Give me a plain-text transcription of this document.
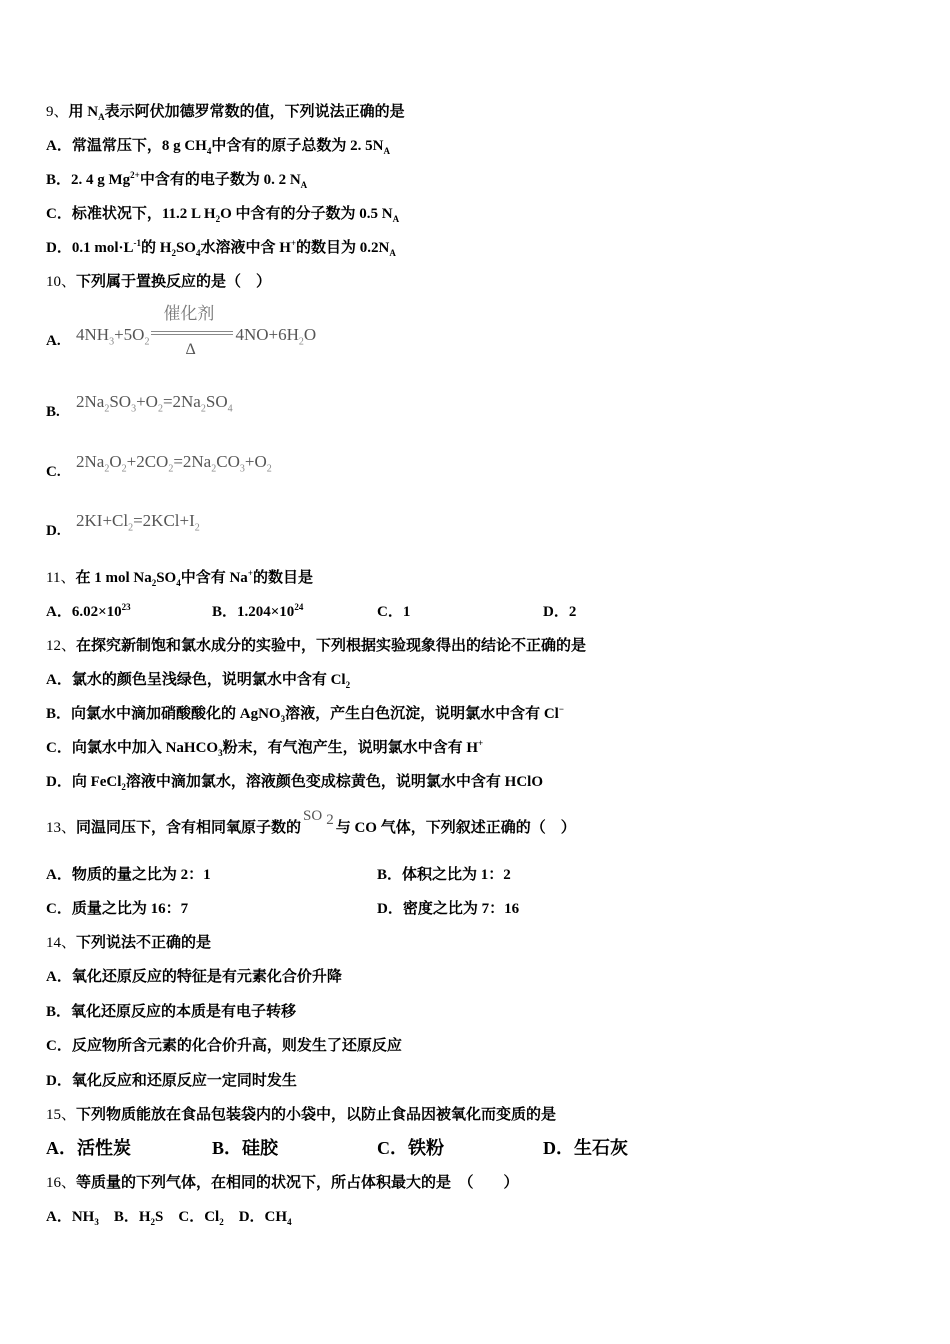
9、用 $N_A$表示阿伏加德罗常数的值，下列说法正确的是
A．常温常压下，8 g $CH_4$中含有的原子总数为 2. $5N_A$
B．2. 4 g $Mg^{2+}$中含有的电子数为 0. 2 $N_A$
C．标准状况下，11.2 L $H_2O$ 中含有的分子数为 0.5 $N_A$
D．0.1 $mol\cdot L^{-1}$的 $H_2SO_4$水溶液中含 H+的数目为 $0.2N_A$
10、下列属于置换反应的是（　）
A. $4NH_3+5O_2 \frac{\text{催化剂}}{\Delta} 4NO+6H_2O$
B.
$2Na_2SO_3+O_2=2Na_2SO_4$
C.
$2Na_2O_2+2CO_2=2Na_2CO_3+O_2$
D.
$2KI+Cl_2=2KCl+I_2$
11、在 1 mol $Na_2SO_4$中含有 Na+的数目是
A．$6.02\times 10^{23}$	B．$1.204\times 10^{24}$	C．1	D．2
12、在探究新制饱和氯水成分的实验中，下列根据实验现象得出的结论不正确的是
A．氯水的颜色呈浅绿色，说明氯水中含有 $Cl_2$
B．向氯水中滴加硝酸酸化的 AgNO$_3$溶液，产生白色沉淀，说明氯水中含有 Cl−
C．向氯水中加入 NaHCO$_3$粉末，有气泡产生，说明氯水中含有 H+
D．向 FeCl$_2$溶液中滴加氯水，溶液颜色变成棕黄色，说明氯水中含有 HClO
13、同温同压下，含有相同氧原子数的SO $_2$ 与 CO 气体，下列叙述正确的（　）
A．物质的量之比为 2：1	B．体积之比为 1：2
C．质量之比为 16：7	D．密度之比为 7：16
14、下列说法不正确的是
A．氧化还原反应的特征是有元素化合价升降
B．氧化还原反应的本质是有电子转移
C．反应物所含元素的化合价升高，则发生了还原反应
D．氧化反应和还原反应一定同时发生
15、下列物质能放在食品包装袋内的小袋中，以防止食品因被氧化而变质的是
A．活性炭	B．硅胶	C．铁粉	D．生石灰
16、等质量的下列气体，在相同的状况下，所占体积最大的是　（　　）
A．$NH_3$　B．$H_2S$　C．$Cl_2$　D．$CH_4$
